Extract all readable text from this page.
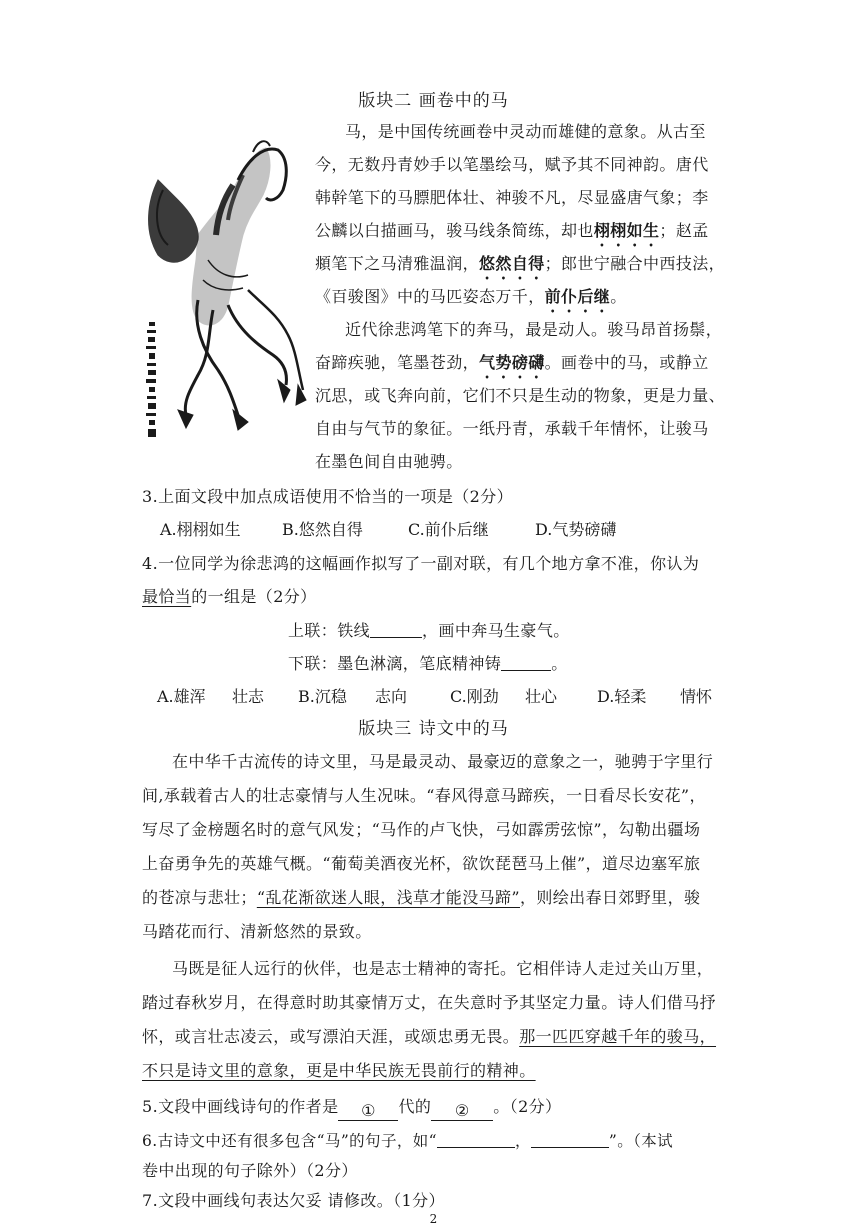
版块二 画卷中的马
马，是中国传统画卷中灵动而雄健的意象。从古至
今，无数丹青妙手以笔墨绘马，赋予其不同神韵。唐代
韩幹笔下的马膘肥体壮、神骏不凡，尽显盛唐气象；李
公麟以白描画马，骏马线条简练，却也栩栩如生；赵孟
頫笔下之马清雅温润，悠然自得；郎世宁融合中西技法，
《百骏图》中的马匹姿态万千，前仆后继。
近代徐悲鸿笔下的奔马，最是动人。骏马昂首扬鬃，
奋蹄疾驰，笔墨苍劲，气势磅礴。画卷中的马，或静立
沉思，或飞奔向前，它们不只是生动的物象，更是力量、
自由与气节的象征。一纸丹青，承载千年情怀，让骏马
在墨色间自由驰骋。
3.上面文段中加点成语使用不恰当的一项是（2分）
A.栩栩如生	B.悠然自得	C.前仆后继	D.气势磅礴
4.一位同学为徐悲鸿的这幅画作拟写了一副对联，有几个地方拿不准，你认为
最恰当的一组是（2分）
上联：铁线	，画中奔马生豪气。
下联：墨色淋漓，笔底精神铸	。
A.雄浑 壮志 B.沉稳 志向	C.刚劲 壮心 D.轻柔 情怀
版块三 诗文中的马
在中华千古流传的诗文里，马是最灵动、最豪迈的意象之一，驰骋于字里行
间,承载着古人的壮志豪情与人生况味。“春风得意马蹄疾，一日看尽长安花”，
写尽了金榜题名时的意气风发；“马作的卢飞快，弓如霹雳弦惊”，勾勒出疆场
上奋勇争先的英雄气概。“葡萄美酒夜光杯，欲饮琵琶马上催”，道尽边塞军旅
的苍凉与悲壮；“乱花渐欲迷人眼，浅草才能没马蹄”，则绘出春日郊野里，骏
马踏花而行、清新悠然的景致。
马既是征人远行的伙伴，也是志士精神的寄托。它相伴诗人走过关山万里，
踏过春秋岁月，在得意时助其豪情万丈，在失意时予其坚定力量。诗人们借马抒
怀，或言壮志凌云，或写漂泊天涯，或颂忠勇无畏。那一匹匹穿越千年的骏马，
不只是诗文里的意象，更是中华民族无畏前行的精神。
5.文段中画线诗句的作者是 ① 代的 ② 。（2分）
6.古诗文中还有很多包含“马”的句子，如“	，	”。（本试
卷中出现的句子除外）（2分）
7.文段中画线句表达欠妥 请修改。（1分）
2
